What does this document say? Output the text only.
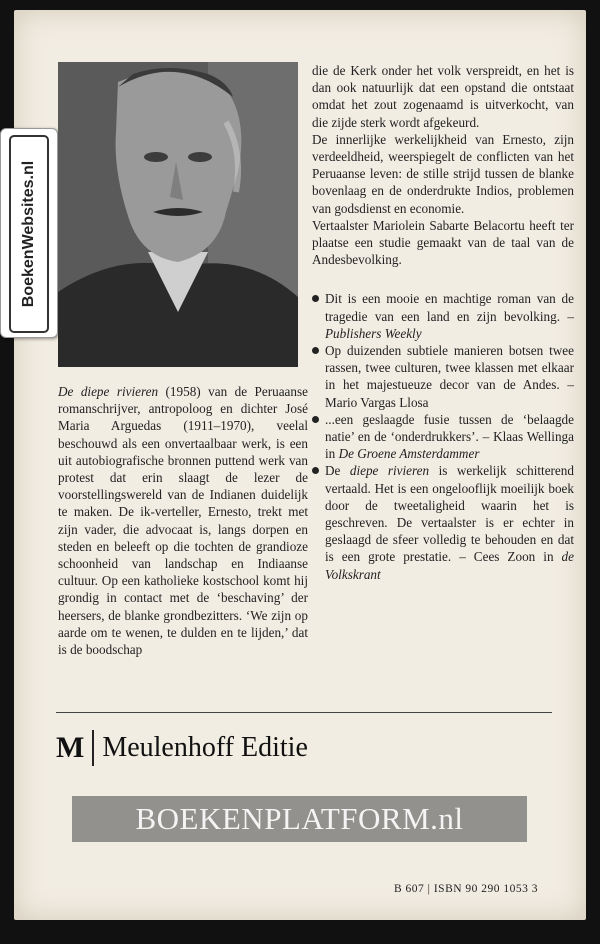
BoekenWebsites.nl

die de Kerk onder het volk verspreidt, en het is dan ook natuurlijk dat een opstand die ontstaat omdat het zout zogenaamd is uitverkocht, van die zijde sterk wordt afgekeurd.

De innerlijke werkelijkheid van Ernesto, zijn verdeeldheid, weerspiegelt de conflicten van het Peruaanse leven: de stille strijd tussen de blanke bovenlaag en de onderdrukte Indios, problemen van godsdienst en economie.

Vertaalster Mariolein Sabarte Belacortu heeft ter plaatse een studie gemaakt van de taal van de Andesbevolking.

Dit is een mooie en machtige roman van de tragedie van een land en zijn bevolking. – Publishers Weekly
Op duizenden subtiele manieren botsen twee rassen, twee culturen, twee klassen met elkaar in het majestueuze decor van de Andes. – Mario Vargas Llosa
...een geslaagde fusie tussen de ‘belaagde natie’ en de ‘onderdrukkers’. – Klaas Wellinga in De Groene Amsterdammer
De diepe rivieren is werkelijk schitterend vertaald. Het is een ongelooflijk moeilijk boek door de tweetaligheid waarin het is geschreven. De vertaalster is er echter in geslaagd de sfeer volledig te behouden en dat is een grote prestatie. – Cees Zoon in de Volkskrant

De diepe rivieren (1958) van de Peruaanse romanschrijver, antropoloog en dichter José Maria Arguedas (1911–1970), veelal beschouwd als een onvertaalbaar werk, is een uit autobiografische bronnen puttend werk van protest dat erin slaagt de lezer de voorstellingswereld van de Indianen duidelijk te maken. De ik-verteller, Ernesto, trekt met zijn vader, die advocaat is, langs dorpen en steden en beleeft op die tochten de grandioze schoonheid van landschap en Indiaanse cultuur. Op een katholieke kostschool komt hij grondig in contact met de ‘beschaving’ der heersers, de blanke grondbezitters. ‘We zijn op aarde om te wenen, te dulden en te lijden,’ dat is de boodschap

M Meulenhoff Editie
BOEKENPLATFORM.nl
B 607 | ISBN 90 290 1053 3
